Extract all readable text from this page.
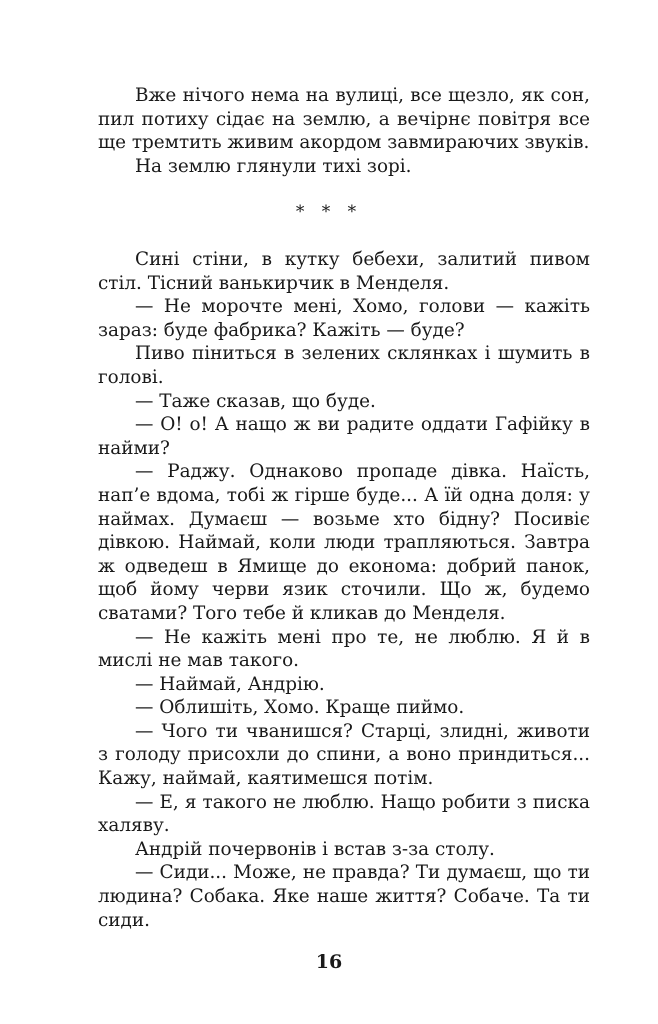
Вже нічого нема на вулиці, все щезло, як сон, пил потиху сідає на землю, а вечірнє повітря все ще тремтить живим акордом завмираючих звуків.

На землю глянули тихі зорі.

* * *

Сині стіни, в кутку бебехи, залитий пивом стіл. Тісний ванькирчик в Менделя.

— Не морочте мені, Хомо, голови — кажіть зараз: буде фабрика? Кажіть — буде?

Пиво піниться в зелених склянках і шумить в голові.

— Таже сказав, що буде.

— О! о! А нащо ж ви радите оддати Гафійку в найми?

— Раджу. Однаково пропаде дівка. Наїсть, нап’е вдома, тобі ж гірше буде... А їй одна доля: у наймах. Думаєш — возьме хто бідну? Посивіє дівкою. Наймай, коли люди трапляються. Завтра ж одведеш в Ямище до економа: добрий панок, щоб йому черви язик сточили. Що ж, будемо сватами? Того тебе й кликав до Менделя.

— Не кажіть мені про те, не люблю. Я й в мислі не мав такого.

— Наймай, Андрію.

— Облишіть, Хомо. Краще пиймо.

— Чого ти чванишся? Старці, злидні, животи з голоду присохли до спини, а воно приндиться... Кажу, наймай, каятимешся потім.

— Е, я такого не люблю. Нащо робити з писка халяву.

Андрій почервонів і встав з-за столу.

— Сиди... Може, не правда? Ти думаєш, що ти людина? Собака. Яке наше життя? Собаче. Та ти сиди.

16
